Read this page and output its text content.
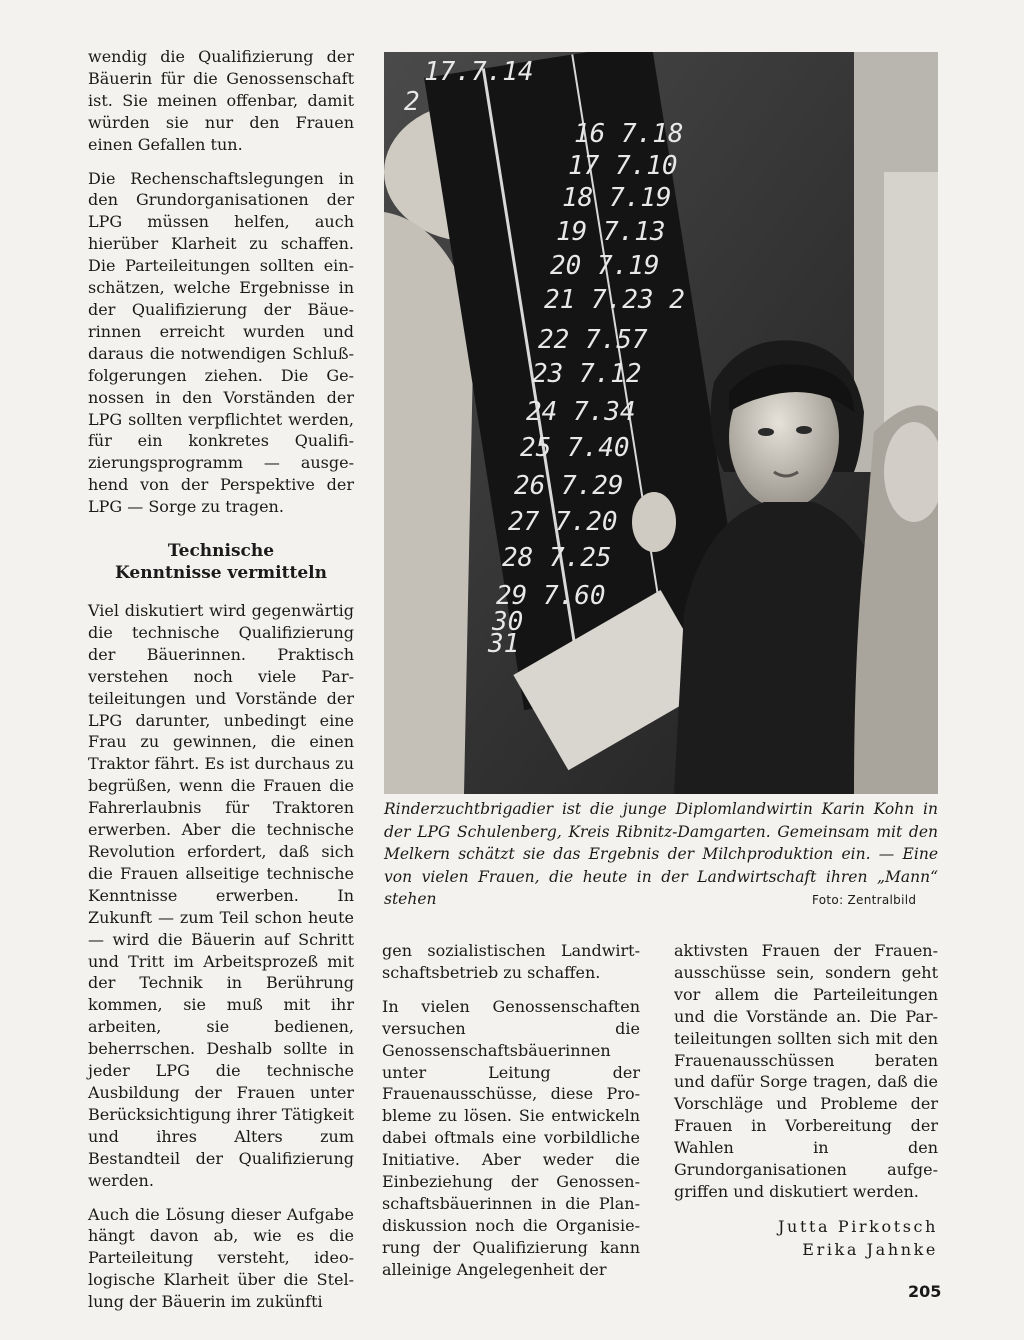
wendig die Qualifizierung der Bäuerin für die Genossenschaft ist. Sie meinen offenbar, damit würden sie nur den Frauen einen Gefallen tun.

Die Rechenschaftslegungen in den Grundorganisationen der LPG müssen helfen, auch hierüber Klarheit zu schaffen. Die Parteileitungen sollten einschätzen, welche Ergebnisse in der Qualifizierung der Bäuerinnen erreicht wurden und daraus die notwendigen Schlußfolgerungen ziehen. Die Genossen in den Vorständen der LPG sollten verpflichtet werden, für ein konkretes Qualifizierungsprogramm — ausgehend von der Perspektive der LPG — Sorge zu tragen.

Technische
Kenntnisse vermitteln

Viel diskutiert wird gegenwärtig die technische Qualifizierung der Bäuerinnen. Praktisch verstehen noch viele Parteileitungen und Vorstände der LPG darunter, unbedingt eine Frau zu gewinnen, die einen Traktor fährt. Es ist durchaus zu begrüßen, wenn die Frauen die Fahrerlaubnis für Traktoren erwerben. Aber die technische Revolution erfordert, daß sich die Frauen allseitige technische Kenntnisse erwerben. In Zukunft — zum Teil schon heute — wird die Bäuerin auf Schritt und Tritt im Arbeitsprozeß mit der Technik in Berührung kommen, sie muß mit ihr arbeiten, sie bedienen, beherrschen. Deshalb sollte in jeder LPG die technische Ausbildung der Frauen unter Berücksichtigung ihrer Tätigkeit und ihres Alters zum Bestandteil der Qualifizierung werden.

Auch die Lösung dieser Aufgabe hängt davon ab, wie es die Parteileitung versteht, ideologische Klarheit über die Stellung der Bäuerin im zukünfti

17.7.14
2
16 7.18
17 7.10
18 7.19
19 7.13
20 7.19
21 7.23 2
22 7.57
23 7.12
24 7.34
25 7.40
26 7.29
27 7.20
28 7.25
29 7.60
30
31
Rinderzuchtbrigadier ist die junge Diplomlandwirtin Karin Kohn in der LPG Schulenberg, Kreis Ribnitz-Damgarten. Gemeinsam mit den Melkern schätzt sie das Ergebnis der Milchproduktion ein. — Eine von vielen Frauen, die heute in der Landwirtschaft ihren „Mann“ stehen	Foto: Zentralbild

gen sozialistischen Landwirtschaftsbetrieb zu schaffen.

In vielen Genossenschaften versuchen die Genossenschaftsbäuerinnen unter Leitung der Frauenausschüsse, diese Probleme zu lösen. Sie entwickeln dabei oftmals eine vorbildliche Initiative. Aber weder die Einbeziehung der Genossenschaftsbäuerinnen in die Plandiskussion noch die Organisierung der Qualifizierung kann alleinige Angelegenheit der

aktivsten Frauen der Frauenausschüsse sein, sondern geht vor allem die Parteileitungen und die Vorstände an. Die Parteileitungen sollten sich mit den Frauenausschüssen beraten und dafür Sorge tragen, daß die Vorschläge und Probleme der Frauen in Vorbereitung der Wahlen in den Grundorganisationen aufgegriffen und diskutiert werden.

Jutta Pirkotsch
Erika Jahnke
205
